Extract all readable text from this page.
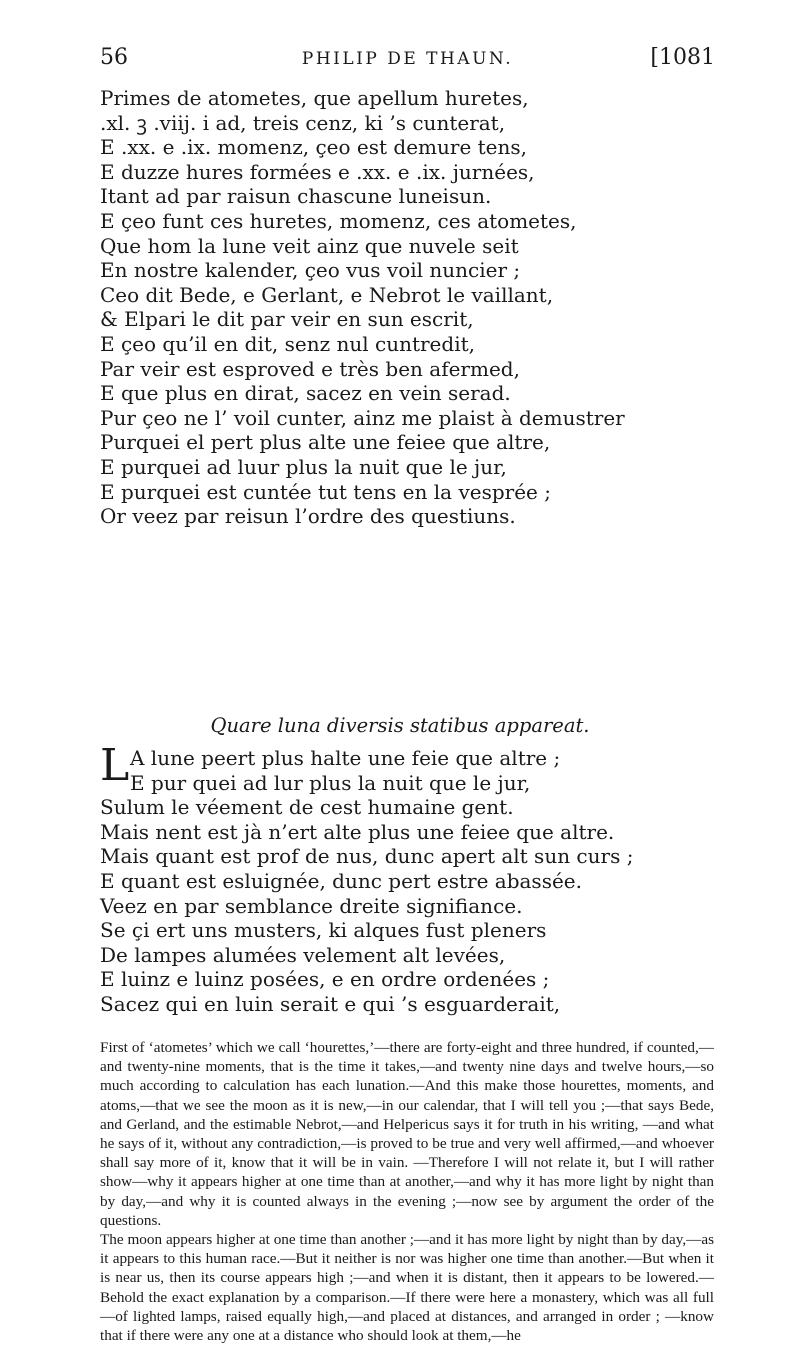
56	PHILIP DE THAUN.	[1081
Primes de atometes, que apellum huretes,
.xl. ꝫ .viij. i ad, treis cenz, ki ’s cunterat,
E .xx. e .ix. momenz, çeo est demure tens,
E duzze hures formées e .xx. e .ix. jurnées,
Itant ad par raisun chascune luneisun.
E çeo funt ces huretes, momenz, ces atometes,
Que hom la lune veit ainz que nuvele seit
En nostre kalender, çeo vus voil nuncier ;
Ceo dit Bede, e Gerlant, e Nebrot le vaillant,
& Elpari le dit par veir en sun escrit,
E çeo qu’il en dit, senz nul cuntredit,
Par veir est esproved e très ben afermed,
E que plus en dirat, sacez en vein serad.
Pur çeo ne l’ voil cunter, ainz me plaist à demustrer
Purquei el pert plus alte une feiee que altre,
E purquei ad luur plus la nuit que le jur,
E purquei est cuntée tut tens en la vesprée ;
Or veez par reisun l’ordre des questiuns.
Quare luna diversis statibus appareat.
L A lune peert plus halte une feie que altre ;
E pur quei ad lur plus la nuit que le jur,
Sulum le véement de cest humaine gent.
Mais nent est jà n’ert alte plus une feiee que altre.
Mais quant est prof de nus, dunc apert alt sun curs ;
E quant est esluignée, dunc pert estre abassée.
Veez en par semblance dreite signifiance.
Se çi ert uns musters, ki alques fust pleners
De lampes alumées velement alt levées,
E luinz e luinz posées, e en ordre ordenées ;
Sacez qui en luin serait e qui ’s esguarderait,

First of ‘atometes’ which we call ‘hourettes,’—there are forty-eight and three hundred, if counted,—and twenty-nine moments, that is the time it takes,—and twenty nine days and twelve hours,—so much according to calculation has each lunation.—And this make those hourettes, moments, and atoms,—that we see the moon as it is new,—in our calendar, that I will tell you ;—that says Bede, and Gerland, and the estimable Nebrot,—and Helpericus says it for truth in his writing, —and what he says of it, without any contradiction,—is proved to be true and very well affirmed,—and whoever shall say more of it, know that it will be in vain. —Therefore I will not relate it, but I will rather show—why it appears higher at one time than at another,—and why it has more light by night than by day,—and why it is counted always in the evening ;—now see by argument the order of the questions.

The moon appears higher at one time than another ;—and it has more light by night than by day,—as it appears to this human race.—But it neither is nor was higher one time than another.—But when it is near us, then its course appears high ;—and when it is distant, then it appears to be lowered.—Behold the exact explanation by a comparison.—If there were here a monastery, which was all full—of lighted lamps, raised equally high,—and placed at distances, and arranged in order ; —know that if there were any one at a distance who should look at them,—he
